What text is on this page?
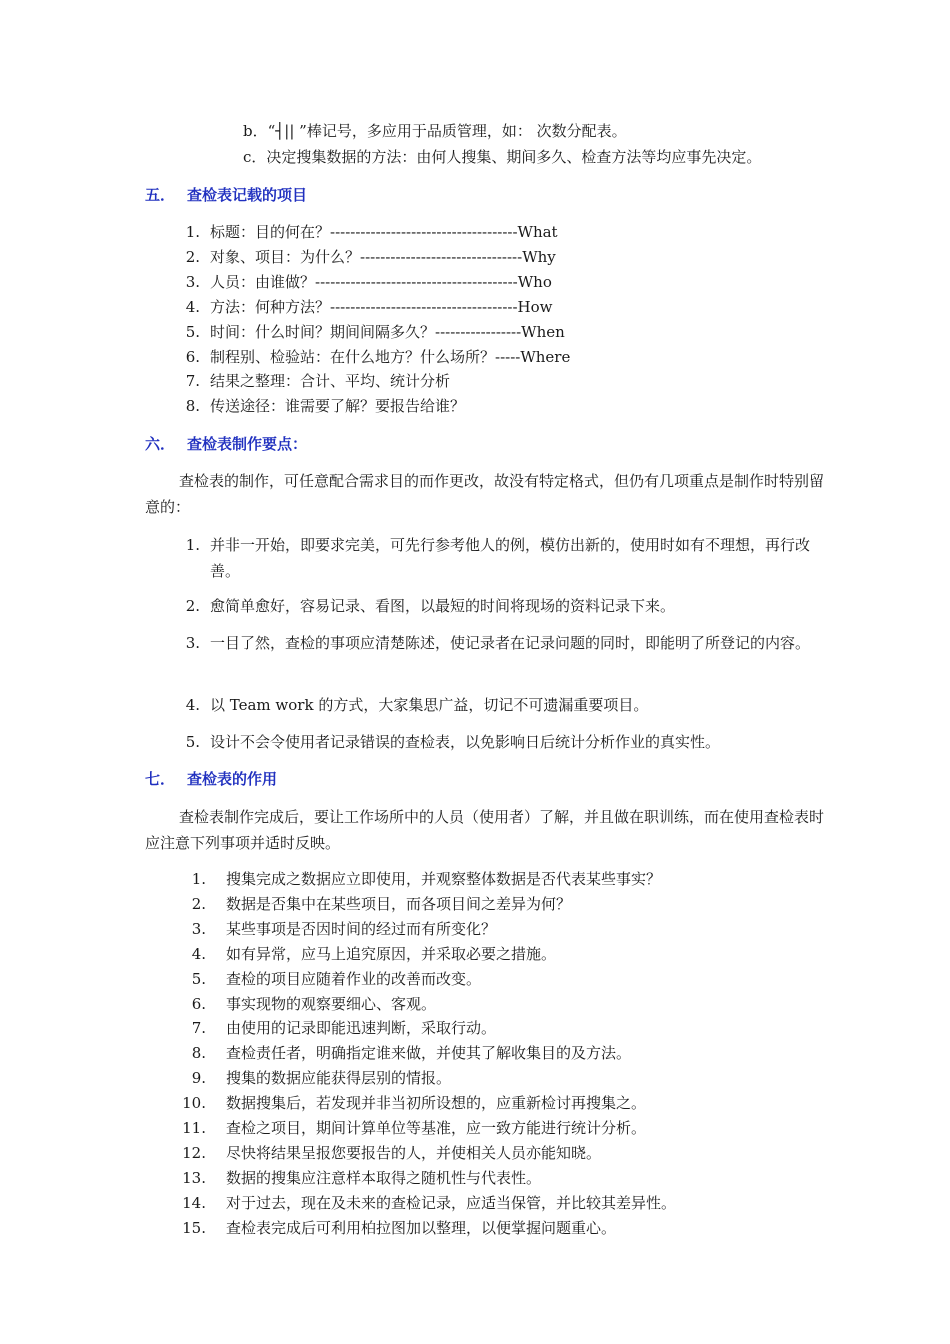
b．“┤|| ”棒记号，多应用于品质管理，如： 次数分配表。
c．决定搜集数据的方法：由何人搜集、期间多久、检查方法等均应事先决定。
五． 查检表记载的项目
1. 标题：目的何在？-------------------------------------What
2. 对象、项目：为什么？--------------------------------Why
3. 人员：由谁做？----------------------------------------Who
4. 方法：何种方法？-------------------------------------How
5. 时间：什么时间？期间间隔多久？-----------------When
6. 制程别、检验站：在什么地方？什么场所？-----Where
7. 结果之整理：合计、平均、统计分析
8. 传送途径：谁需要了解？要报告给谁？
六． 查检表制作要点：
查检表的制作，可任意配合需求目的而作更改，故没有特定格式，但仍有几项重点是制作时特别留意的：
1. 并非一开始，即要求完美，可先行参考他人的例，模仿出新的，使用时如有不理想，再行改善。
2. 愈简单愈好，容易记录、看图，以最短的时间将现场的资料记录下来。
3. 一目了然，查检的事项应清楚陈述，使记录者在记录问题的同时，即能明了所登记的内容。
4. 以 Team work 的方式，大家集思广益，切记不可遗漏重要项目。
5. 设计不会令使用者记录错误的查检表，以免影响日后统计分析作业的真实性。
七． 查检表的作用
查检表制作完成后，要让工作场所中的人员（使用者）了解，并且做在职训练，而在使用查检表时应注意下列事项并适时反映。
1. 搜集完成之数据应立即使用，并观察整体数据是否代表某些事实？
2. 数据是否集中在某些项目，而各项目间之差异为何？
3. 某些事项是否因时间的经过而有所变化？
4. 如有异常，应马上追究原因，并采取必要之措施。
5. 查检的项目应随着作业的改善而改变。
6. 事实现物的观察要细心、客观。
7. 由使用的记录即能迅速判断，采取行动。
8. 查检责任者，明确指定谁来做，并使其了解收集目的及方法。
9. 搜集的数据应能获得层别的情报。
10. 数据搜集后，若发现并非当初所设想的，应重新检讨再搜集之。
11. 查检之项目，期间计算单位等基准，应一致方能进行统计分析。
12. 尽快将结果呈报您要报告的人，并使相关人员亦能知晓。
13. 数据的搜集应注意样本取得之随机性与代表性。
14. 对于过去，现在及未来的查检记录，应适当保管，并比较其差异性。
15. 查检表完成后可利用柏拉图加以整理，以便掌握问题重心。
